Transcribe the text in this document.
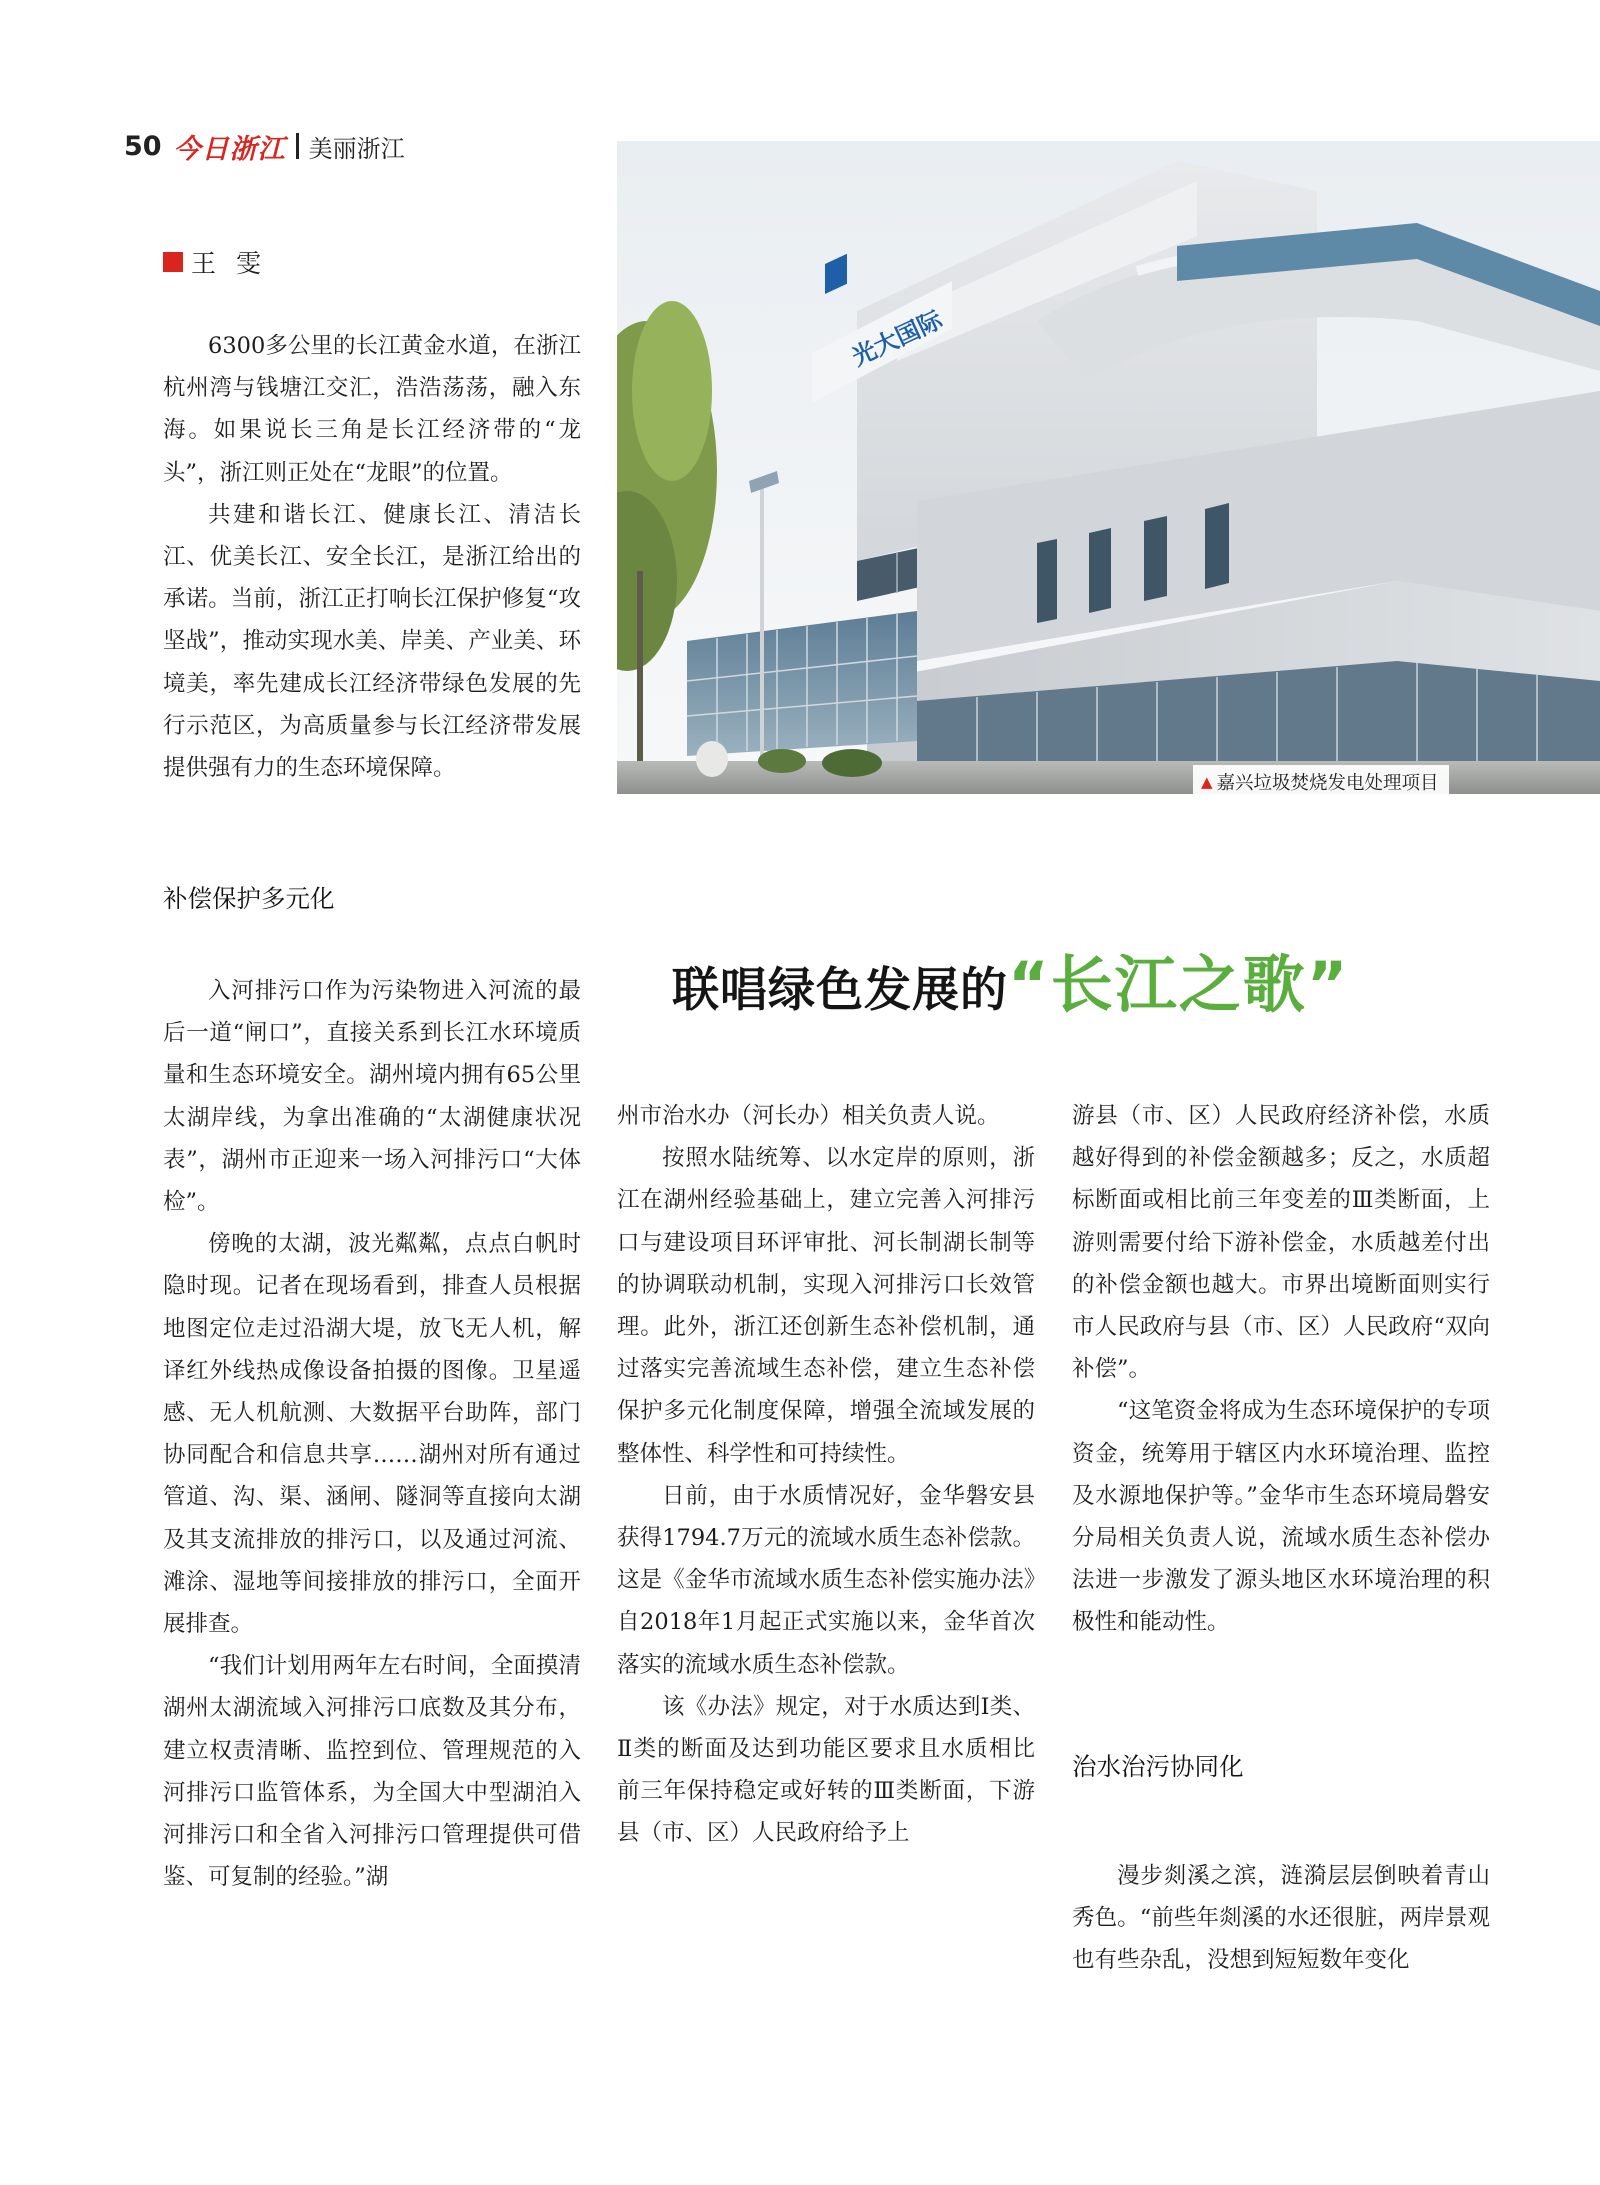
50 今日浙江 美丽浙江
王雯
光大国际
▲ 嘉兴垃圾焚烧发电处理项目

6300多公里的长江黄金水道，在浙江杭州湾与钱塘江交汇，浩浩荡荡，融入东海。如果说长三角是长江经济带的“龙头”，浙江则正处在“龙眼”的位置。

共建和谐长江、健康长江、清洁长江、优美长江、安全长江，是浙江给出的承诺。当前，浙江正打响长江保护修复“攻坚战”，推动实现水美、岸美、产业美、环境美，率先建成长江经济带绿色发展的先行示范区，为高质量参与长江经济带发展提供强有力的生态环境保障。

补偿保护多元化

入河排污口作为污染物进入河流的最后一道“闸口”，直接关系到长江水环境质量和生态环境安全。湖州境内拥有65公里太湖岸线，为拿出准确的“太湖健康状况表”，湖州市正迎来一场入河排污口“大体检”。

傍晚的太湖，波光粼粼，点点白帆时隐时现。记者在现场看到，排查人员根据地图定位走过沿湖大堤，放飞无人机，解译红外线热成像设备拍摄的图像。卫星遥感、无人机航测、大数据平台助阵，部门协同配合和信息共享……湖州对所有通过管道、沟、渠、涵闸、隧洞等直接向太湖及其支流排放的排污口，以及通过河流、滩涂、湿地等间接排放的排污口，全面开展排查。

“我们计划用两年左右时间，全面摸清湖州太湖流域入河排污口底数及其分布，建立权责清晰、监控到位、管理规范的入河排污口监管体系，为全国大中型湖泊入河排污口和全省入河排污口管理提供可借鉴、可复制的经验。”湖

联唱绿色发展的“长江之歌”

州市治水办（河长办）相关负责人说。

按照水陆统筹、以水定岸的原则，浙江在湖州经验基础上，建立完善入河排污口与建设项目环评审批、河长制湖长制等的协调联动机制，实现入河排污口长效管理。此外，浙江还创新生态补偿机制，通过落实完善流域生态补偿，建立生态补偿保护多元化制度保障，增强全流域发展的整体性、科学性和可持续性。

日前，由于水质情况好，金华磐安县获得1794.7万元的流域水质生态补偿款。这是《金华市流域水质生态补偿实施办法》自2018年1月起正式实施以来，金华首次落实的流域水质生态补偿款。

该《办法》规定，对于水质达到Ⅰ类、Ⅱ类的断面及达到功能区要求且水质相比前三年保持稳定或好转的Ⅲ类断面，下游县（市、区）人民政府给予上

游县（市、区）人民政府经济补偿，水质越好得到的补偿金额越多；反之，水质超标断面或相比前三年变差的Ⅲ类断面，上游则需要付给下游补偿金，水质越差付出的补偿金额也越大。市界出境断面则实行市人民政府与县（市、区）人民政府“双向补偿”。

“这笔资金将成为生态环境保护的专项资金，统筹用于辖区内水环境治理、监控及水源地保护等。”金华市生态环境局磐安分局相关负责人说，流域水质生态补偿办法进一步激发了源头地区水环境治理的积极性和能动性。

治水治污协同化

漫步剡溪之滨，涟漪层层倒映着青山秀色。“前些年剡溪的水还很脏，两岸景观也有些杂乱，没想到短短数年变化
